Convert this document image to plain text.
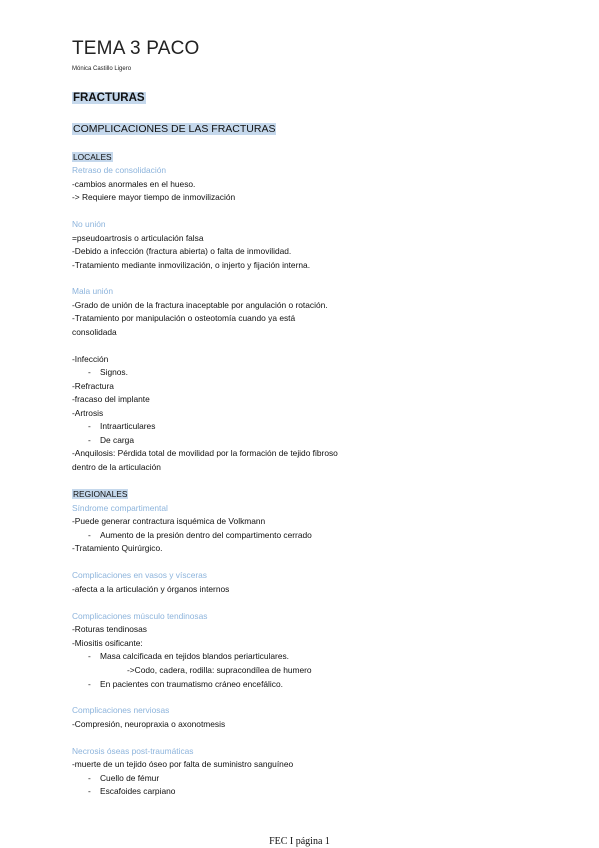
TEMA 3 PACO
Mónica Castillo Ligero
FRACTURAS
COMPLICACIONES DE LAS FRACTURAS
LOCALES
Retraso de consolidación
-cambios anormales en el hueso.
-> Requiere mayor tiempo de inmovilización
No unión
=pseudoartrosis o articulación falsa
-Debido a infección (fractura abierta) o falta de inmovilidad.
-Tratamiento mediante inmovilización, o injerto y fijación interna.
Mala unión
-Grado de unión de la fractura inaceptable por angulación o rotación.
-Tratamiento por manipulación o osteotomía cuando ya está
consolidada
-Infección
- Signos.
-Refractura
-fracaso del implante
-Artrosis
- Intraarticulares
- De carga
-Anquilosis: Pérdida total de movilidad por la formación de tejido fibroso
dentro de la articulación
REGIONALES
Síndrome compartimental
-Puede generar contractura isquémica de Volkmann
- Aumento de la presión dentro del compartimento cerrado
-Tratamiento Quirúrgico.
Complicaciones en vasos y vísceras
-afecta a la articulación y órganos internos
Complicaciones músculo tendinosas
-Roturas tendinosas
-Miositis osificante:
- Masa calcificada en tejidos blandos periarticulares.
->Codo, cadera, rodilla: supracondílea de humero
- En pacientes con traumatismo cráneo encefálico.
Complicaciones nerviosas
-Compresión, neuropraxia o axonotmesis
Necrosis óseas post-traumáticas
-muerte de un tejido óseo por falta de suministro sanguíneo
- Cuello de fémur
- Escafoides carpiano
FEC I página 1
